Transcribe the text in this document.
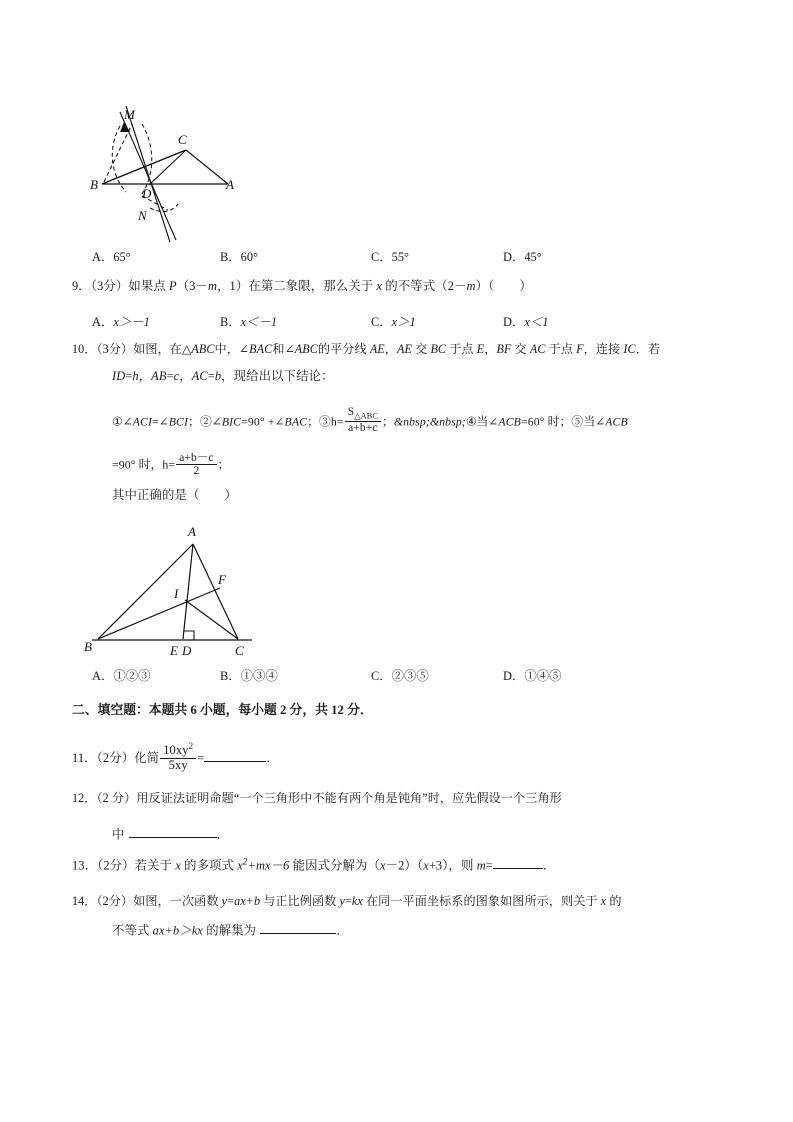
M
C
B
D
A
N
A．65°	B．60°	C．55°	D．45°
9．（3分）如果点 P（3－m，1）在第二象限，那么关于 x 的不等式（2－m）（　　）
A．x＞－1	B．x＜－1	C．x＞1	D．x＜1
10．（3分）如图，在△ABC中，∠BAC和∠ABC的平分线 AE，AE 交 BC 于点 E，BF 交 AC 于点 F，连接 IC．若
ID=h，AB=c，AC=b，现给出以下结论：
①∠ACI=∠BCI；②∠BIC=90° +∠BAC；③h= $\frac{S_{\triangle ABC}}{a+b+c}$ ；&nbsp;&nbsp;④当∠ACB=60° 时；⑤当∠ACB
=90° 时，$h= \frac{a+b-c}{2}$ ；
其中正确的是（　　）
A
F
I
B	E D	C
A．①②③	B．①③④	C．②③⑤	D．①④⑤
二、填空题：本题共 6 小题，每小题 2 分，共 12 分．
11．（2分）化简 $\frac{10xy^2}{5xy}$ =	．
12．（2 分）用反证法证明命题“一个三角形中不能有两个角是钝角”时，应先假设一个三角形
中	．
13．（2分）若关于 x 的多项式 $x^2+mx-6$ 能因式分解为（x－2）（x+3），则 m=	．
14．（2分）如图，一次函数 y=ax+b 与正比例函数 y=kx 在同一平面坐标系的图象如图所示，则关于 x 的
不等式 ax+b＞kx 的解集为	．
